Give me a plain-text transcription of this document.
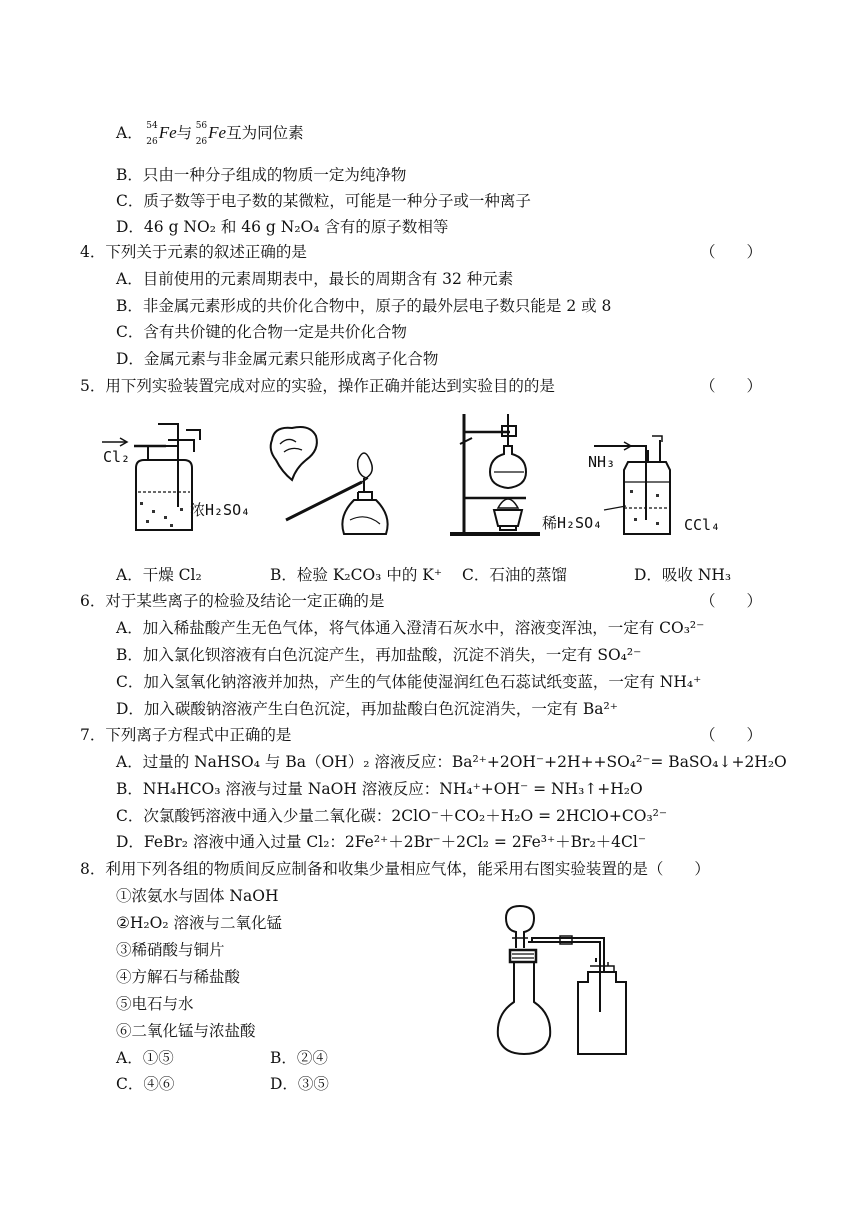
A． 54
26 Fe与 56
26 Fe互为同位素
B．只由一种分子组成的物质一定为纯净物
C．质子数等于电子数的某微粒，可能是一种分子或一种离子
D．46 g NO₂ 和 46 g N₂O₄ 含有的原子数相等
4．下列关于元素的叙述正确的是	（　　）
A．目前使用的元素周期表中，最长的周期含有 32 种元素
B．非金属元素形成的共价化合物中，原子的最外层电子数只能是 2 或 8
C．含有共价键的化合物一定是共价化合物
D．金属元素与非金属元素只能形成离子化合物
5．用下列实验装置完成对应的实验，操作正确并能达到实验目的的是	（　　）
Cl₂
浓H₂SO₄
稀H₂SO₄
NH₃
CCl₄
A．干燥 Cl₂	B．检验 K₂CO₃ 中的 K⁺ C．石油的蒸馏	D．吸收 NH₃
6．对于某些离子的检验及结论一定正确的是	（　　）
A．加入稀盐酸产生无色气体，将气体通入澄清石灰水中，溶液变浑浊，一定有 CO₃²⁻
B．加入氯化钡溶液有白色沉淀产生，再加盐酸，沉淀不消失，一定有 SO₄²⁻
C．加入氢氧化钠溶液并加热，产生的气体能使湿润红色石蕊试纸变蓝，一定有 NH₄⁺
D．加入碳酸钠溶液产生白色沉淀，再加盐酸白色沉淀消失，一定有 Ba²⁺
7．下列离子方程式中正确的是	（　　）
A．过量的 NaHSO₄ 与 Ba（OH）₂ 溶液反应：Ba²⁺+2OH⁻+2H++SO₄²⁻= BaSO₄↓+2H₂O
B．NH₄HCO₃ 溶液与过量 NaOH 溶液反应：NH₄⁺+OH⁻ = NH₃↑+H₂O
C．次氯酸钙溶液中通入少量二氧化碳：2ClO⁻＋CO₂＋H₂O = 2HClO+CO₃²⁻
D．FeBr₂ 溶液中通入过量 Cl₂：2Fe²⁺＋2Br⁻＋2Cl₂ = 2Fe³⁺＋Br₂＋4Cl⁻
8．利用下列各组的物质间反应制备和收集少量相应气体，能采用右图实验装置的是（　　）
①浓氨水与固体 NaOH
②H₂O₂ 溶液与二氧化锰
③稀硝酸与铜片
④方解石与稀盐酸
⑤电石与水
⑥二氧化锰与浓盐酸
A．①⑤	B．②④
C．④⑥	D．③⑤
